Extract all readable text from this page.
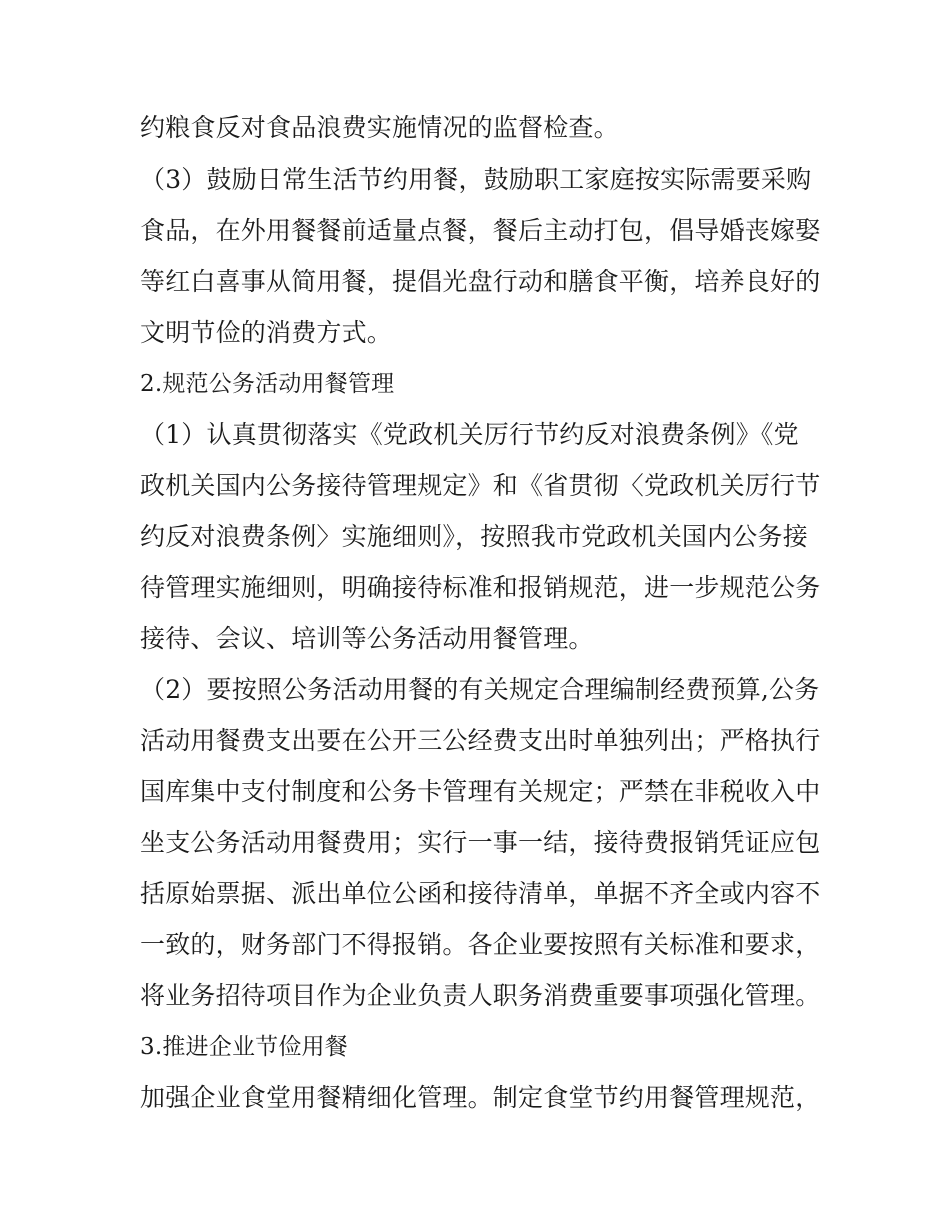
约粮食反对食品浪费实施情况的监督检查。
（3）鼓励日常生活节约用餐，鼓励职工家庭按实际需要采购
食品，在外用餐餐前适量点餐，餐后主动打包，倡导婚丧嫁娶
等红白喜事从简用餐，提倡光盘行动和膳食平衡，培养良好的
文明节俭的消费方式。
2.规范公务活动用餐管理
（1）认真贯彻落实《党政机关厉行节约反对浪费条例》《党
政机关国内公务接待管理规定》和《省贯彻〈党政机关厉行节
约反对浪费条例〉实施细则》，按照我市党政机关国内公务接
待管理实施细则，明确接待标准和报销规范，进一步规范公务
接待、会议、培训等公务活动用餐管理。
（2）要按照公务活动用餐的有关规定合理编制经费预算,公务
活动用餐费支出要在公开三公经费支出时单独列出；严格执行
国库集中支付制度和公务卡管理有关规定；严禁在非税收入中
坐支公务活动用餐费用；实行一事一结，接待费报销凭证应包
括原始票据、派出单位公函和接待清单，单据不齐全或内容不
一致的，财务部门不得报销。各企业要按照有关标准和要求，
将业务招待项目作为企业负责人职务消费重要事项强化管理。
3.推进企业节俭用餐
加强企业食堂用餐精细化管理。制定食堂节约用餐管理规范，
